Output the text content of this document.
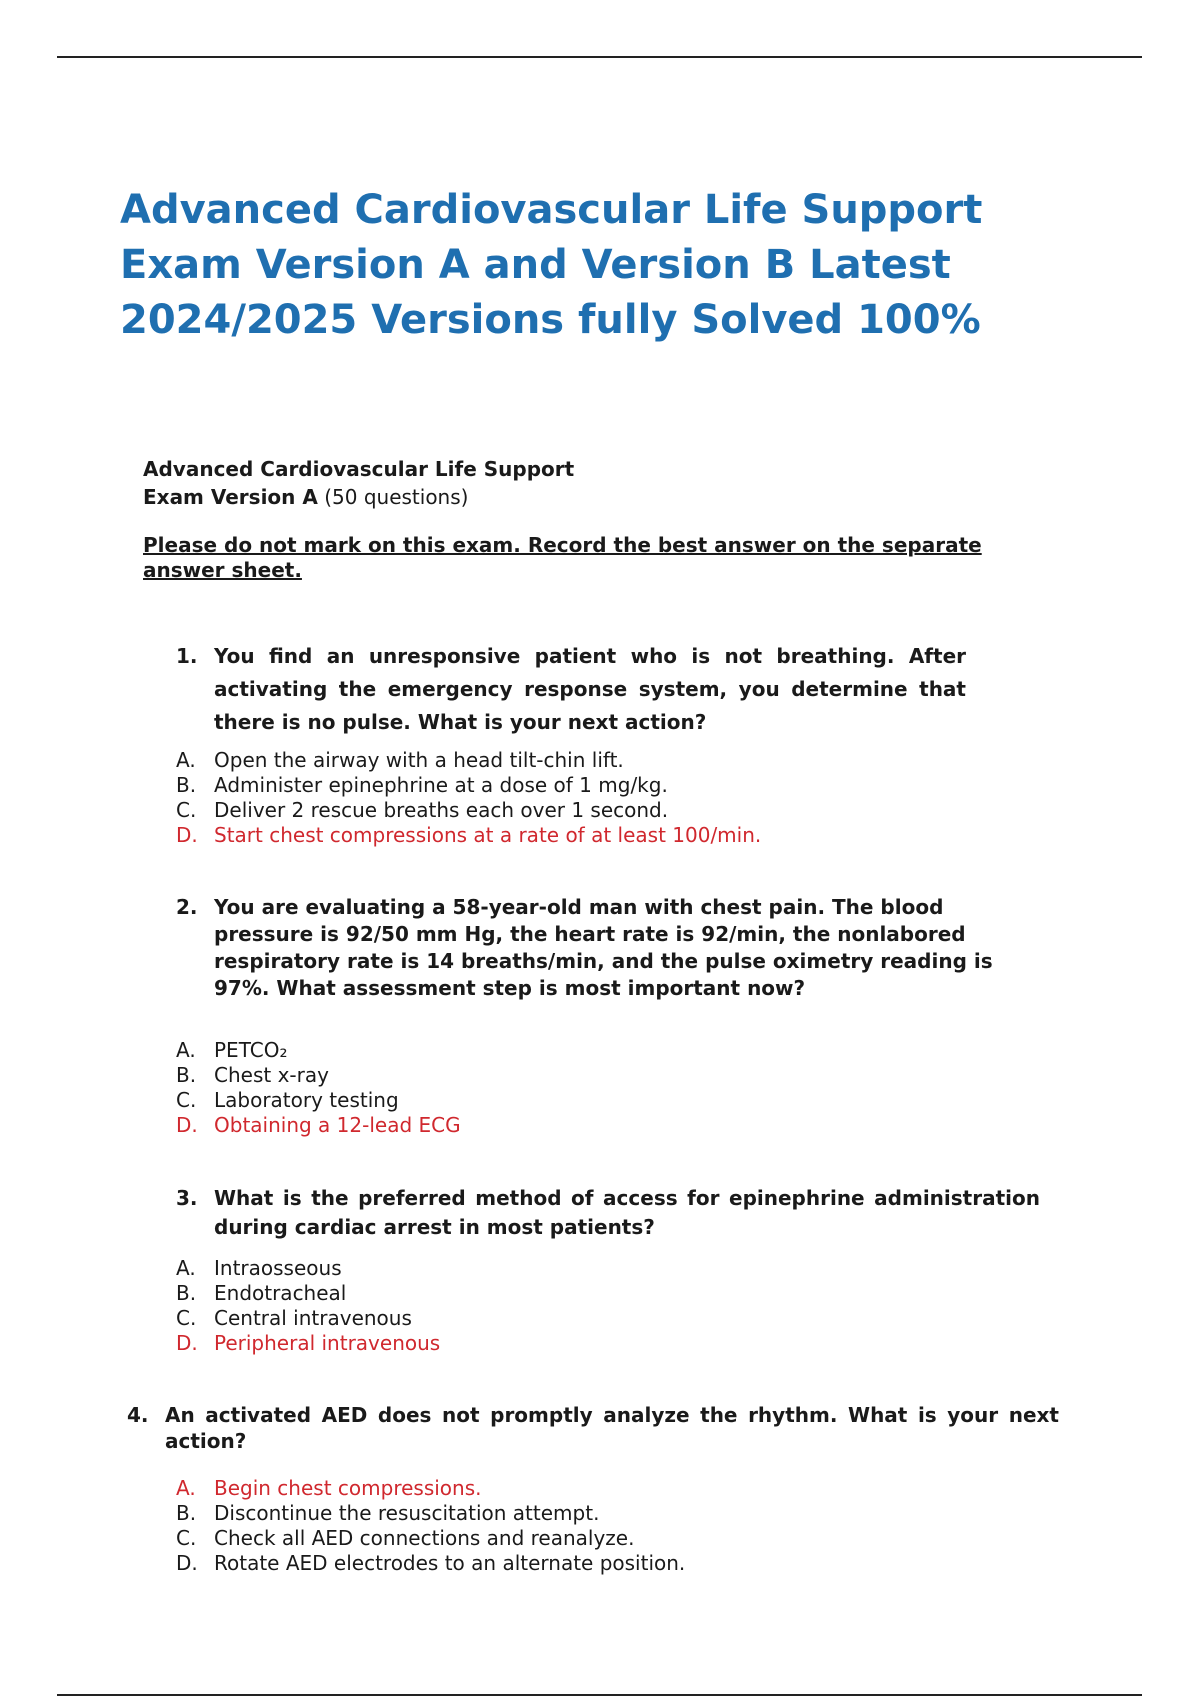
Advanced Cardiovascular Life Support
Exam Version A and Version B Latest
2024/2025 Versions fully Solved 100%
Advanced Cardiovascular Life Support
Exam Version A (50 questions)
Please do not mark on this exam. Record the best answer on the separate answer sheet.
1. You find an unresponsive patient who is not breathing. After activating the emergency response system, you determine that there is no pulse. What is your next action?
A. Open the airway with a head tilt-chin lift.
B. Administer epinephrine at a dose of 1 mg/kg.
C. Deliver 2 rescue breaths each over 1 second.
D. Start chest compressions at a rate of at least 100/min.
2. You are evaluating a 58-year-old man with chest pain. The blood pressure is 92/50 mm Hg, the heart rate is 92/min, the nonlabored respiratory rate is 14 breaths/min, and the pulse oximetry reading is 97%. What assessment step is most important now?
A. PETCO₂
B. Chest x-ray
C. Laboratory testing
D. Obtaining a 12-lead ECG
3. What is the preferred method of access for epinephrine administration during cardiac arrest in most patients?
A. Intraosseous
B. Endotracheal
C. Central intravenous
D. Peripheral intravenous
4. An activated AED does not promptly analyze the rhythm. What is your next action?
A. Begin chest compressions.
B. Discontinue the resuscitation attempt.
C. Check all AED connections and reanalyze.
D. Rotate AED electrodes to an alternate position.
